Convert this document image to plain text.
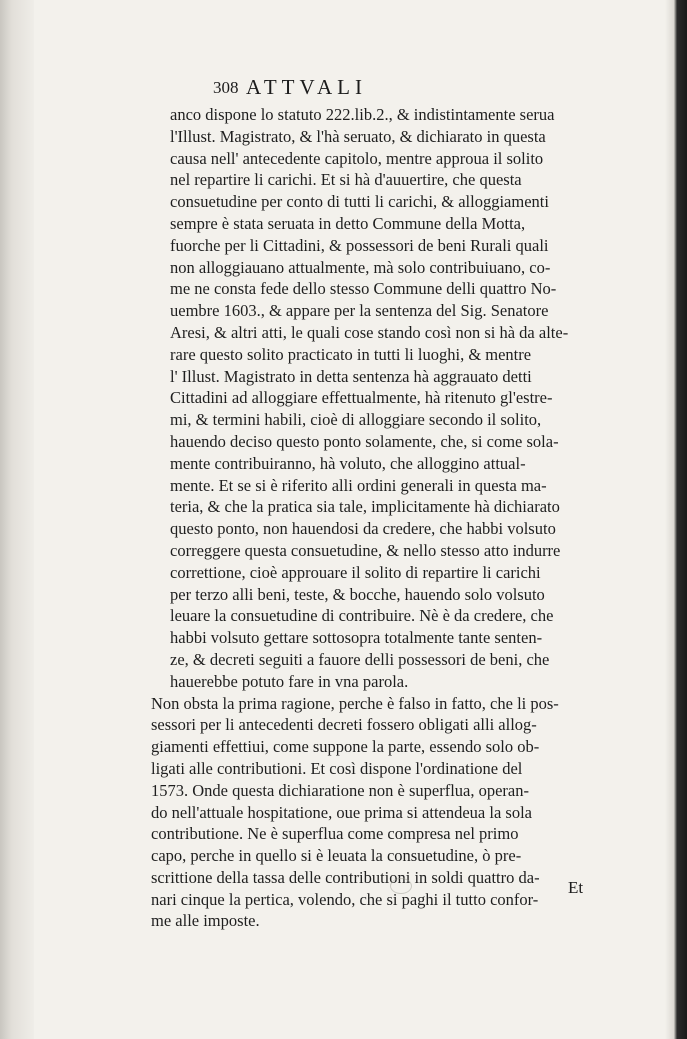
308 ATTVALI
anco dispone lo statuto 222.lib.2., & indistintamente serua
l'Illust. Magistrato, & l'hà seruato, & dichiarato in questa
causa nell' antecedente capitolo, mentre approua il solito
nel repartire li carichi. Et si hà d'auuertire, che questa
consuetudine per conto di tutti li carichi, & alloggiamenti
sempre è stata seruata in detto Commune della Motta,
fuorche per li Cittadini, & possessori de beni Rurali quali
non alloggiauano attualmente, mà solo contribuiuano, co-
me ne consta fede dello stesso Commune delli quattro No-
uembre 1603., & appare per la sentenza del Sig. Senatore
Aresi, & altri atti, le quali cose stando così non si hà da alte-
rare questo solito practicato in tutti li luoghi, & mentre
l' Illust. Magistrato in detta sentenza hà aggrauato detti
Cittadini ad alloggiare effettualmente, hà ritenuto gl'estre-
mi, & termini habili, cioè di alloggiare secondo il solito,
hauendo deciso questo ponto solamente, che, si come sola-
mente contribuiranno, hà voluto, che alloggino attual-
mente. Et se si è riferito alli ordini generali in questa ma-
teria, & che la pratica sia tale, implicitamente hà dichiarato
questo ponto, non hauendosi da credere, che habbi volsuto
correggere questa consuetudine, & nello stesso atto indurre
correttione, cioè approuare il solito di repartire li carichi
per terzo alli beni, teste, & bocche, hauendo solo volsuto
leuare la consuetudine di contribuire. Nè è da credere, che
habbi volsuto gettare sottosopra totalmente tante senten-
ze, & decreti seguiti a fauore delli possessori de beni, che
hauerebbe potuto fare in vna parola.
Non obsta la prima ragione, perche è falso in fatto, che li pos-
sessori per li antecedenti decreti fossero obligati alli allog-
giamenti effettiui, come suppone la parte, essendo solo ob-
ligati alle contributioni. Et così dispone l'ordinatione del
1573. Onde questa dichiaratione non è superflua, operan-
do nell'attuale hospitatione, oue prima si attendeua la sola
contributione. Ne è superflua come compresa nel primo
capo, perche in quello si è leuata la consuetudine, ò pre-
scrittione della tassa delle contributioni in soldi quattro da-
nari cinque la pertica, volendo, che si paghi il tutto confor-
me alle imposte.
Et
